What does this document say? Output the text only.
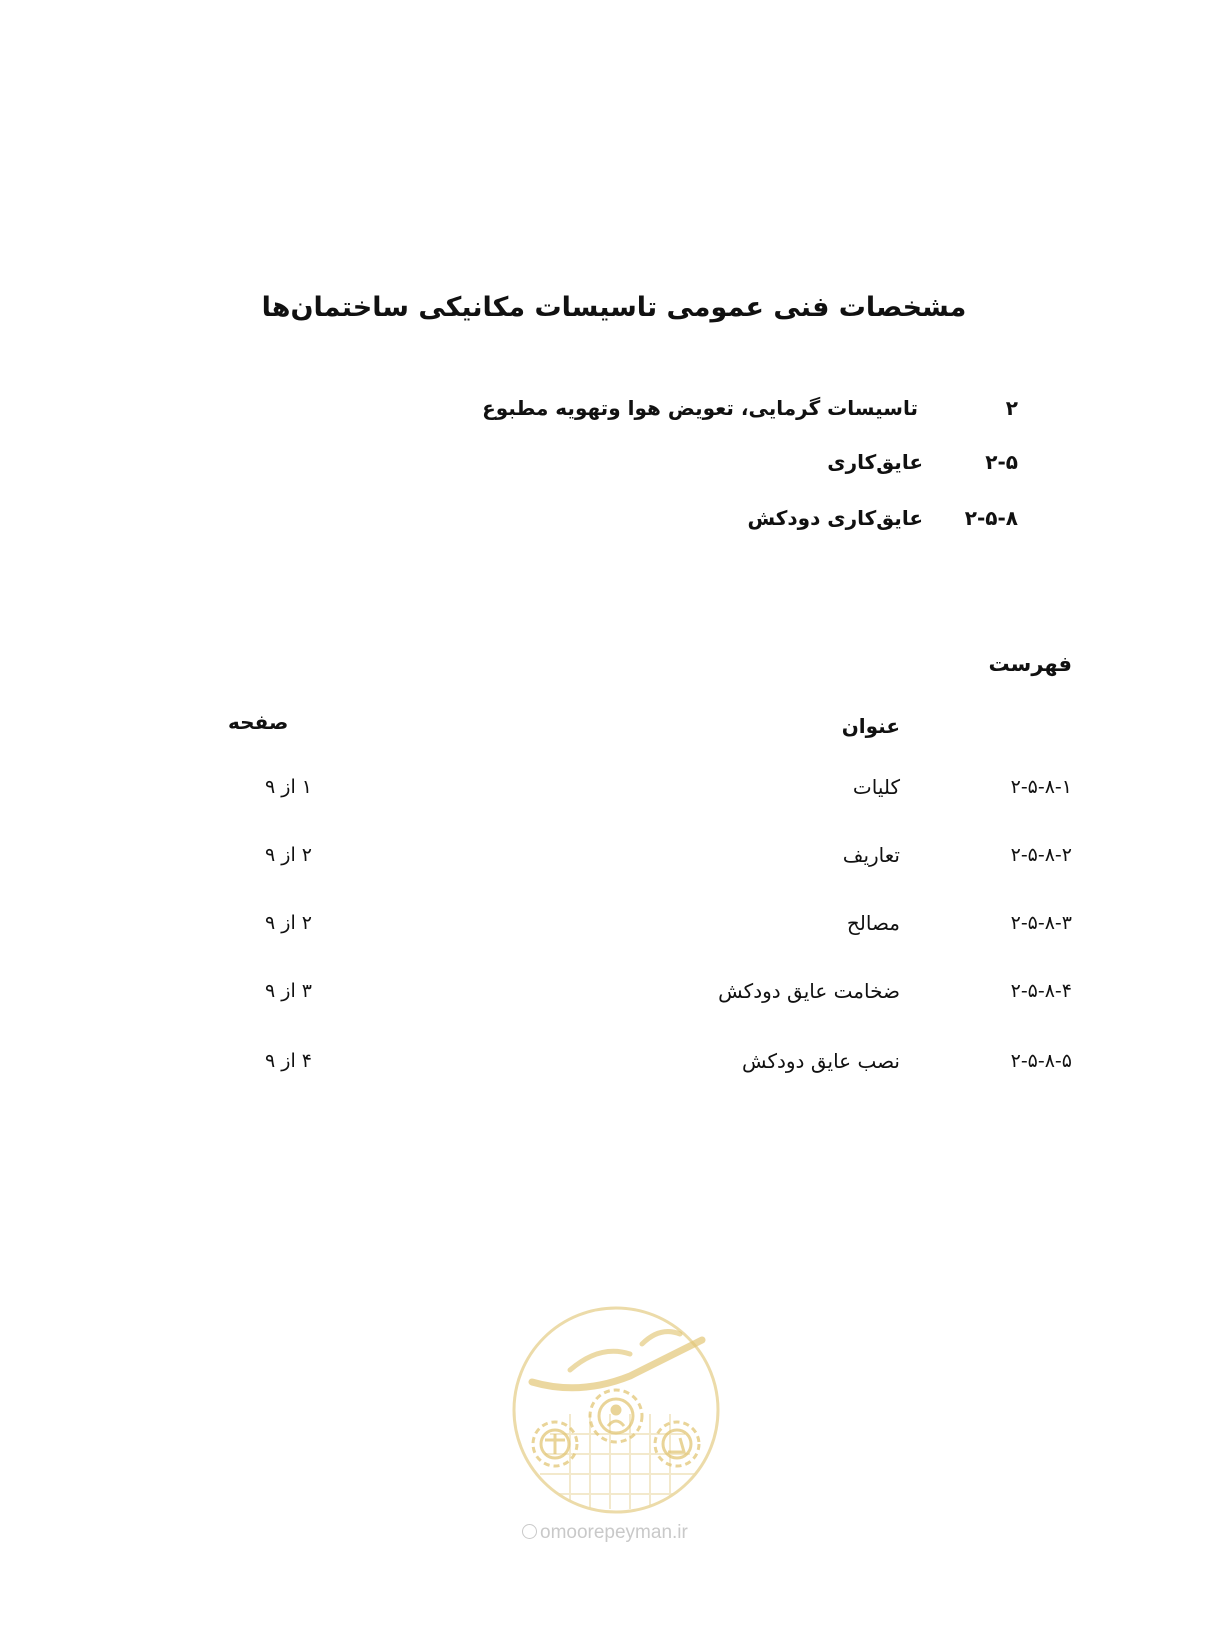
مشخصات فنی عمومی تاسیسات مکانیکی ساختمان‌ها
۲
تاسیسات گرمایی، تعویض هوا وتهویه مطبوع
۲-۵
عایق‌کاری
۲-۵-۸
عایق‌کاری دودکش
فهرست
عنوان
صفحه
۲-۵-۸-۱
کلیات
۱ از ۹
۲-۵-۸-۲
تعاریف
۲ از ۹
۲-۵-۸-۳
مصالح
۲ از ۹
۲-۵-۸-۴
ضخامت عایق دودکش
۳ از ۹
۲-۵-۸-۵
نصب عایق دودکش
۴ از ۹
omoorepeyman.ir
